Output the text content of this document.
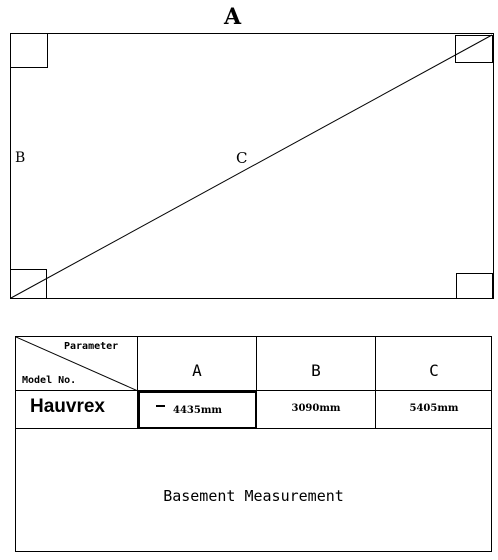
A
B	C
Parameter
Model No.
A	B	C
Hauvrex	4435mm	3090mm	5405mm
Basement Measurement
